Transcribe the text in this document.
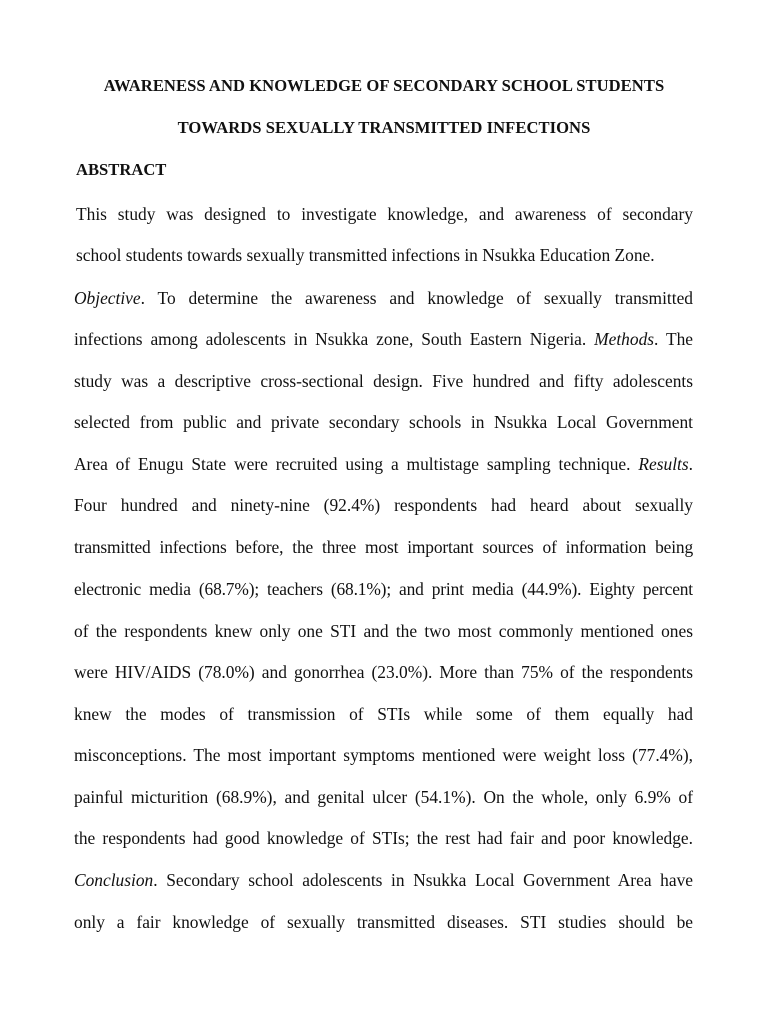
AWARENESS AND KNOWLEDGE OF SECONDARY SCHOOL STUDENTS
TOWARDS SEXUALLY TRANSMITTED INFECTIONS
ABSTRACT
This study was designed to investigate knowledge, and awareness of secondary
school students towards sexually transmitted infections in Nsukka Education Zone.
Objective. To determine the awareness and knowledge of sexually transmitted
infections among adolescents in Nsukka zone, South Eastern Nigeria. Methods. The
study was a descriptive cross-sectional design. Five hundred and fifty adolescents
selected from public and private secondary schools in Nsukka Local Government
Area of Enugu State were recruited using a multistage sampling technique. Results.
Four hundred and ninety-nine (92.4%) respondents had heard about sexually
transmitted infections before, the three most important sources of information being
electronic media (68.7%); teachers (68.1%); and print media (44.9%). Eighty percent
of the respondents knew only one STI and the two most commonly mentioned ones
were HIV/AIDS (78.0%) and gonorrhea (23.0%). More than 75% of the respondents
knew the modes of transmission of STIs while some of them equally had
misconceptions. The most important symptoms mentioned were weight loss (77.4%),
painful micturition (68.9%), and genital ulcer (54.1%). On the whole, only 6.9% of
the respondents had good knowledge of STIs; the rest had fair and poor knowledge.
Conclusion. Secondary school adolescents in Nsukka Local Government Area have
only a fair knowledge of sexually transmitted diseases. STI studies should be
